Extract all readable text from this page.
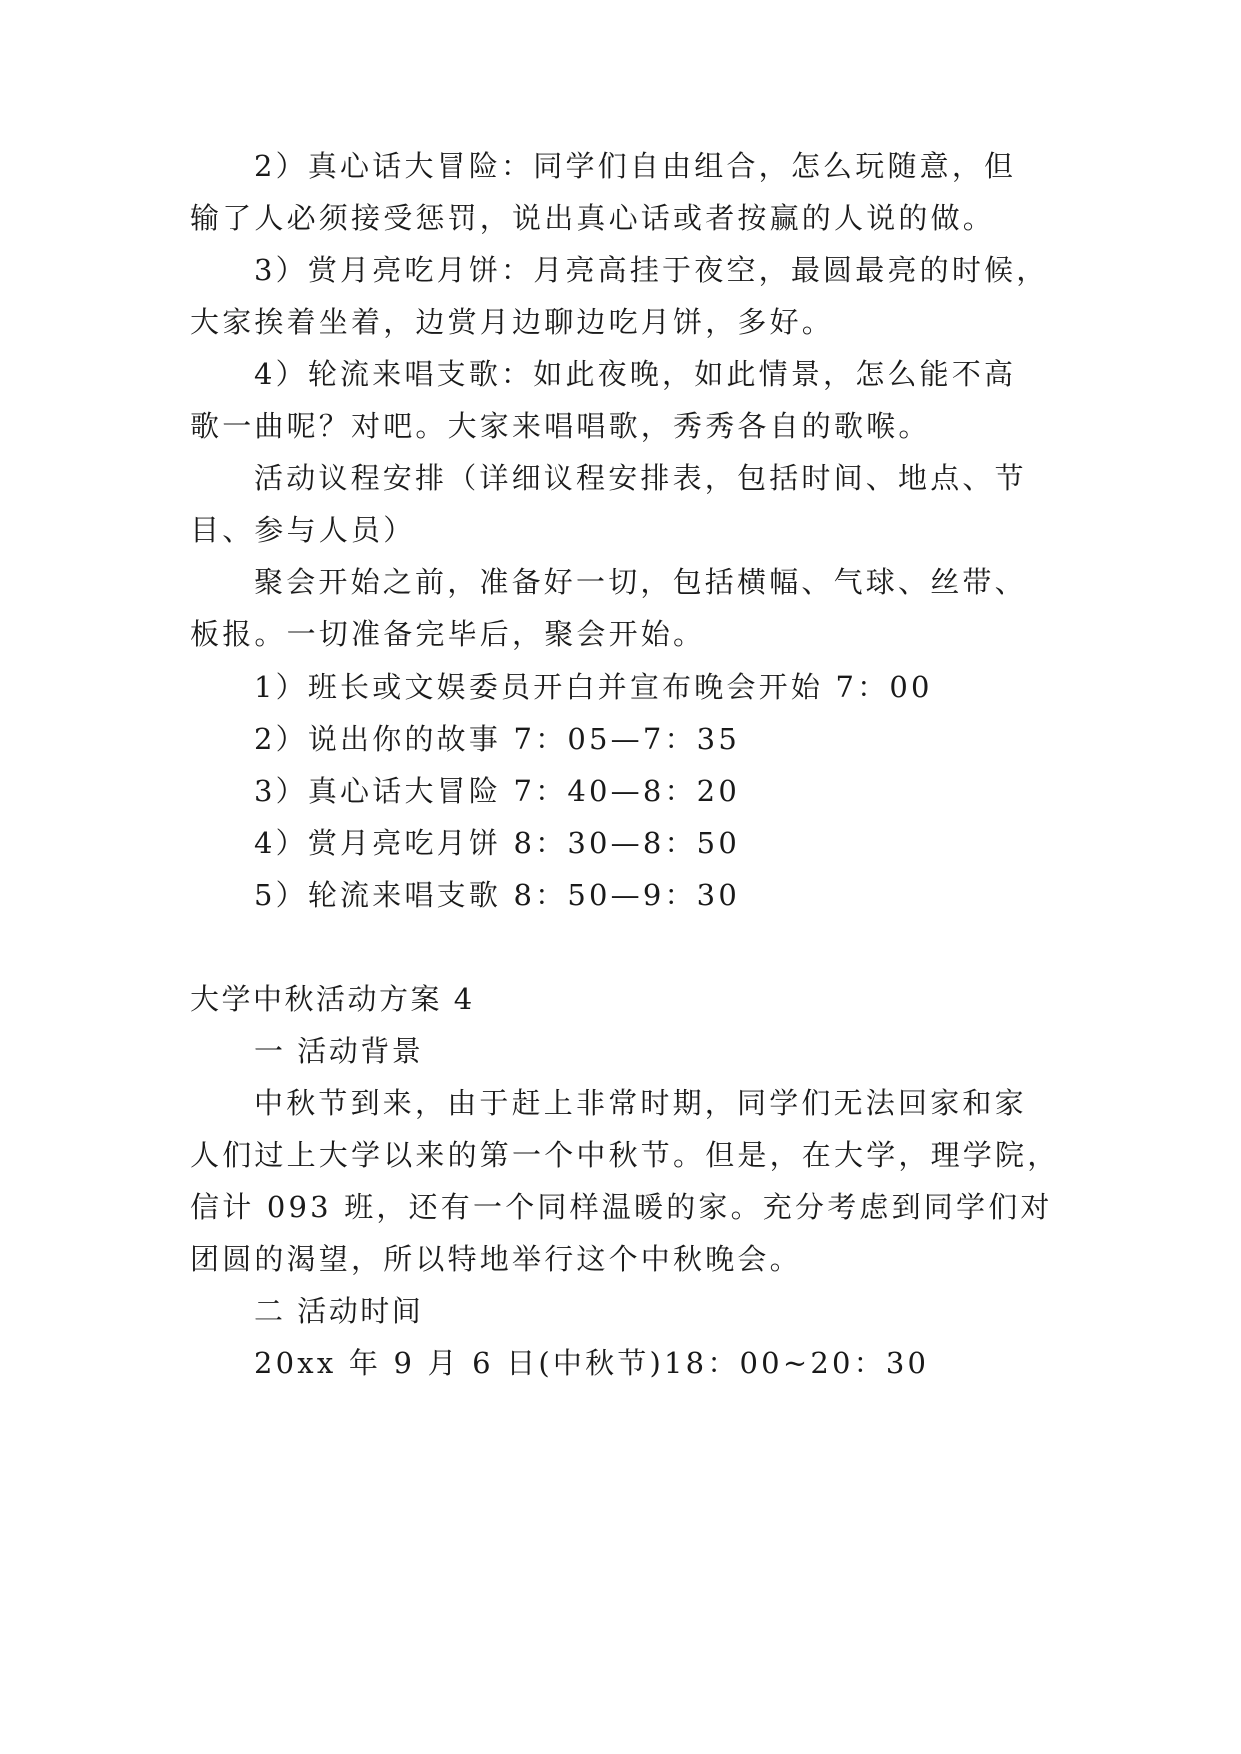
2）真心话大冒险：同学们自由组合，怎么玩随意，但
输了人必须接受惩罚，说出真心话或者按赢的人说的做。
3）赏月亮吃月饼：月亮高挂于夜空，最圆最亮的时候，
大家挨着坐着，边赏月边聊边吃月饼，多好。
4）轮流来唱支歌：如此夜晚，如此情景，怎么能不高
歌一曲呢？对吧。大家来唱唱歌，秀秀各自的歌喉。
活动议程安排（详细议程安排表，包括时间、地点、节
目、参与人员）
聚会开始之前，准备好一切，包括横幅、气球、丝带、
板报。一切准备完毕后，聚会开始。
1）班长或文娱委员开白并宣布晚会开始 7：00
2）说出你的故事 7：05—7：35
3）真心话大冒险 7：40—8：20
4）赏月亮吃月饼 8：30—8：50
5）轮流来唱支歌 8：50—9：30
大学中秋活动方案 4
一 活动背景
中秋节到来，由于赶上非常时期，同学们无法回家和家
人们过上大学以来的第一个中秋节。但是，在大学，理学院，
信计 093 班，还有一个同样温暖的家。充分考虑到同学们对
团圆的渴望，所以特地举行这个中秋晚会。
二 活动时间
20xx 年 9 月 6 日(中秋节)18：00~20：30
